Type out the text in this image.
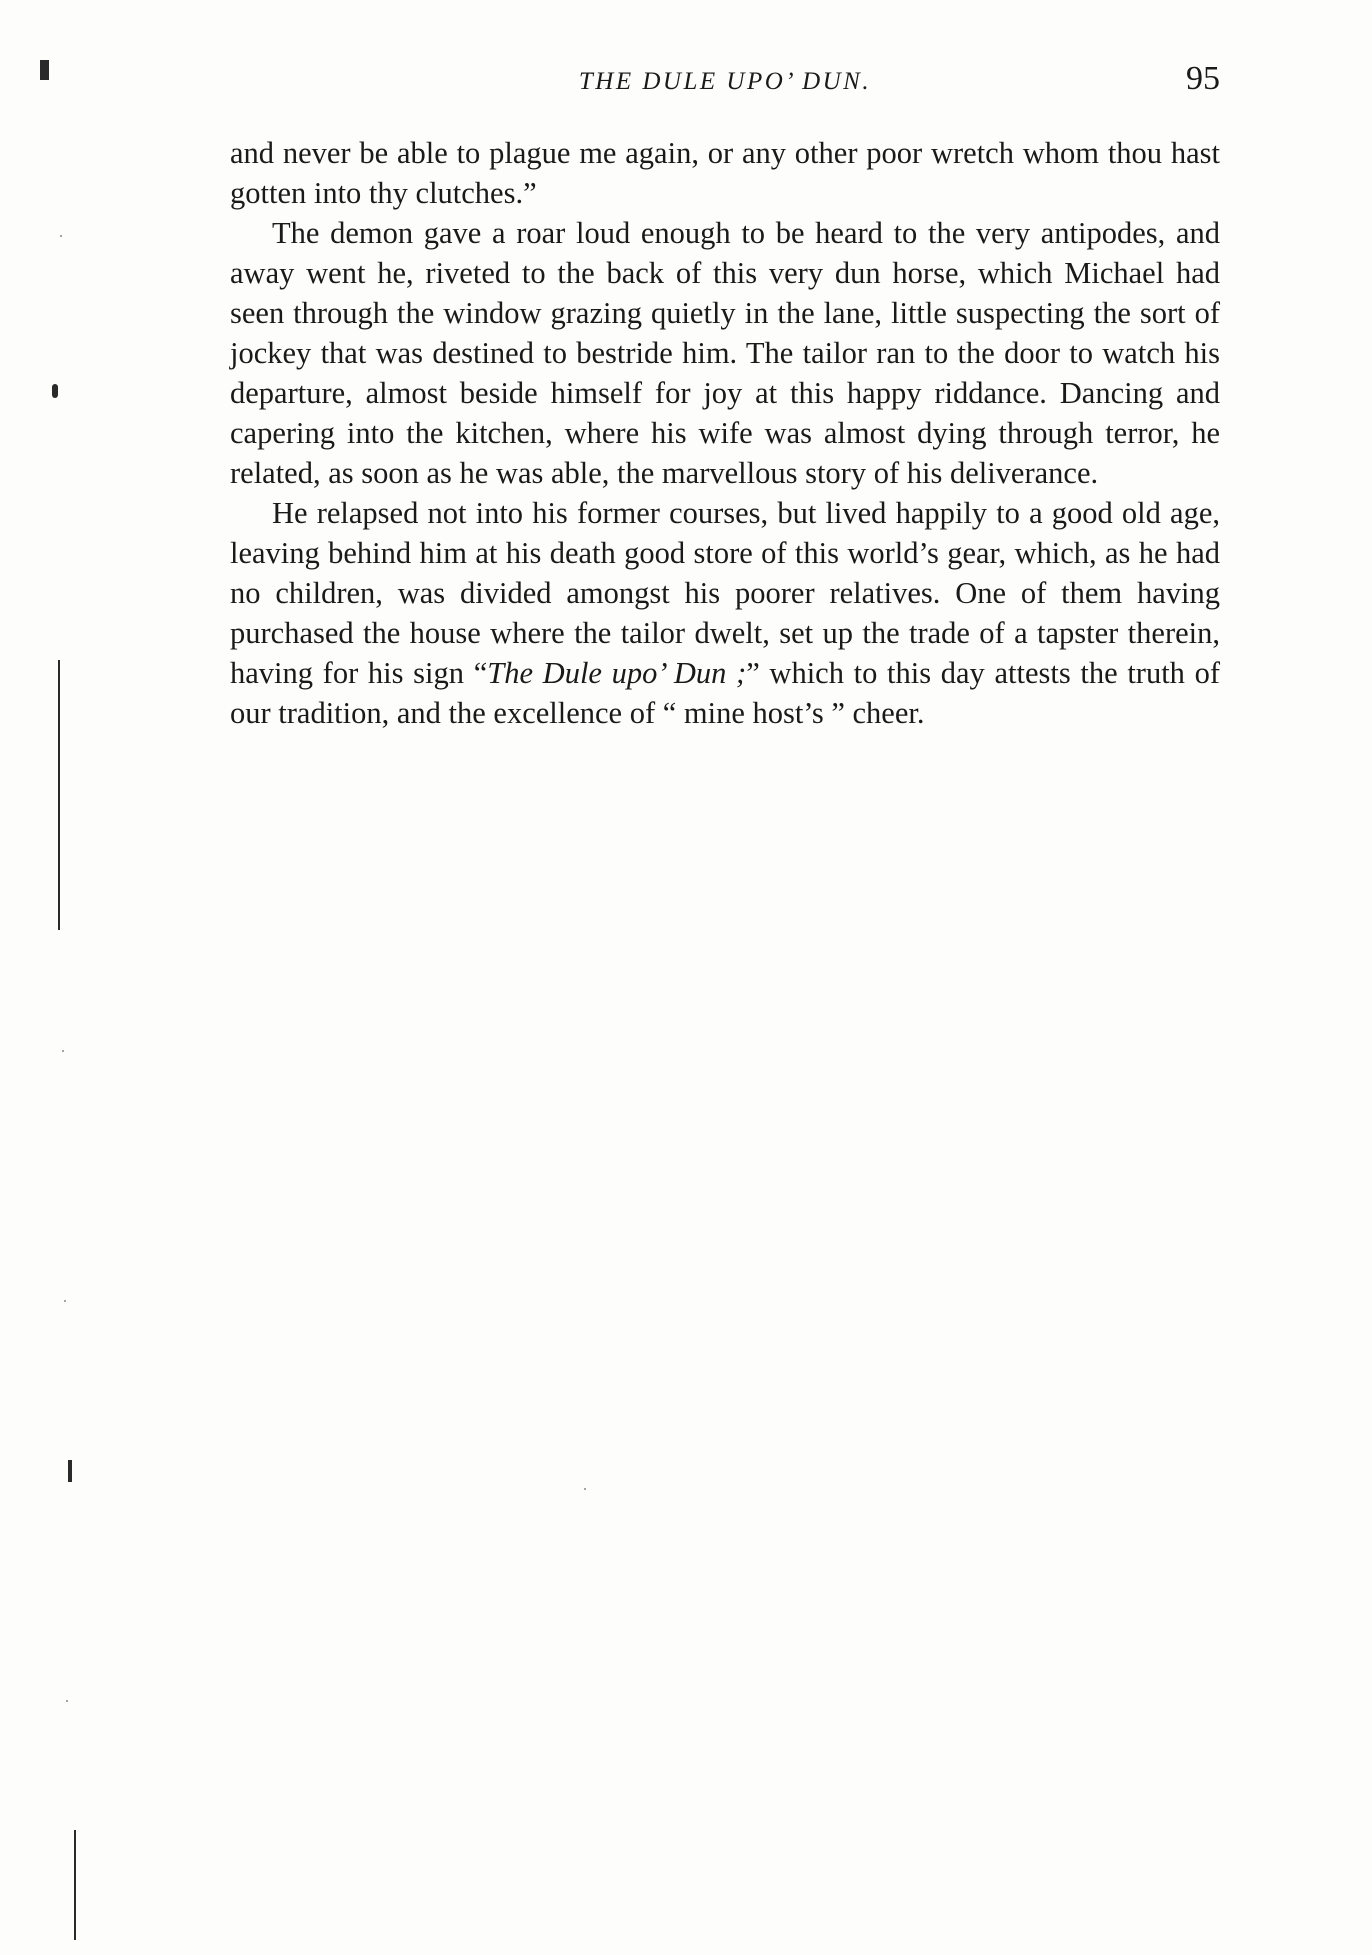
THE DULE UPO’ DUN.	95

and never be able to plague me again, or any other poor wretch whom thou hast gotten into thy clutches.”

The demon gave a roar loud enough to be heard to the very antipodes, and away went he, riveted to the back of this very dun horse, which Michael had seen through the window grazing quietly in the lane, little suspecting the sort of jockey that was destined to bestride him. The tailor ran to the door to watch his departure, almost beside himself for joy at this happy riddance. Dancing and capering into the kitchen, where his wife was almost dying through terror, he related, as soon as he was able, the marvellous story of his deliverance.

He relapsed not into his former courses, but lived happily to a good old age, leaving behind him at his death good store of this world’s gear, which, as he had no children, was divided amongst his poorer relatives. One of them having purchased the house where the tailor dwelt, set up the trade of a tapster therein, having for his sign “The Dule upo’ Dun ;” which to this day attests the truth of our tradition, and the excellence of “ mine host’s ” cheer.
